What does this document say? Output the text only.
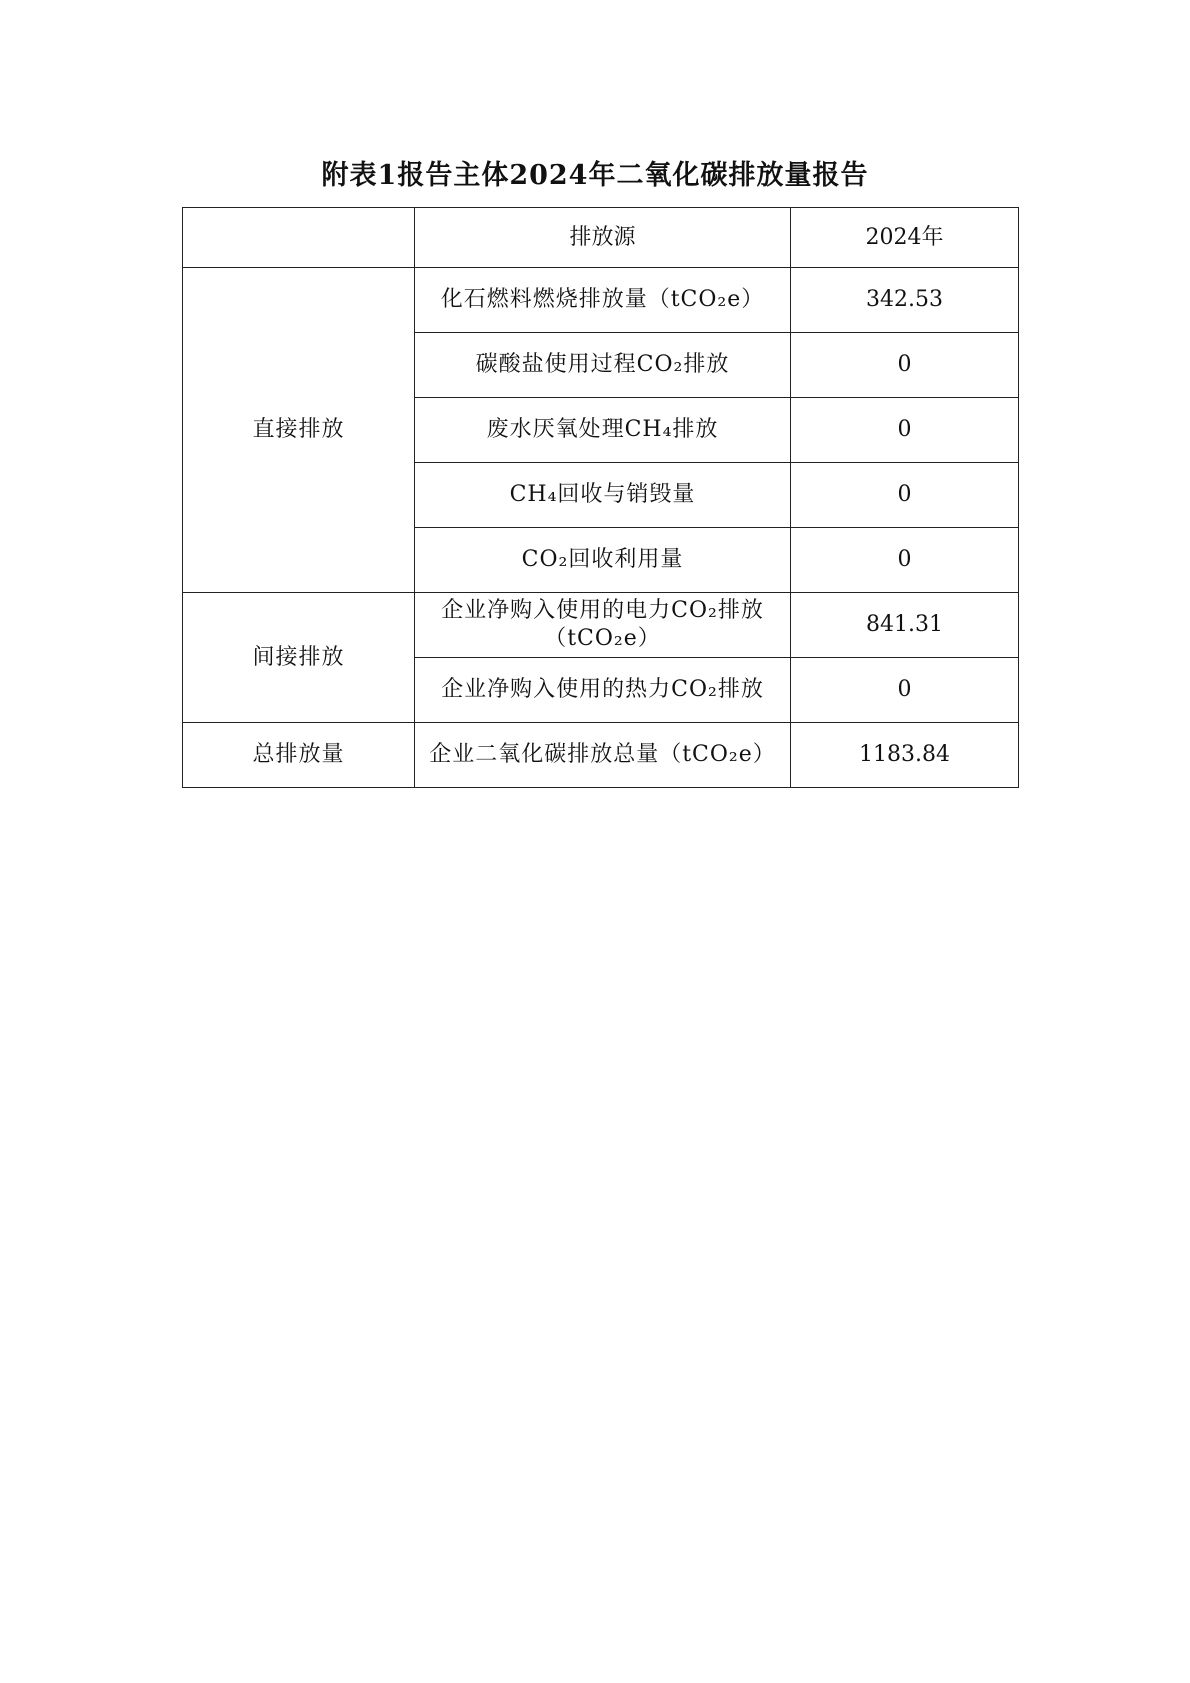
附表1报告主体2024年二氧化碳排放量报告
	排放源	2024年
直接排放	化石燃料燃烧排放量（tCO₂e）	342.53
	碳酸盐使用过程CO₂排放	0
	废水厌氧处理CH₄排放	0
	CH₄回收与销毁量	0
	CO₂回收利用量	0
间接排放	企业净购入使用的电力CO₂排放（tCO₂e）	841.31
	企业净购入使用的热力CO₂排放	0
总排放量	企业二氧化碳排放总量（tCO₂e）	1183.84
